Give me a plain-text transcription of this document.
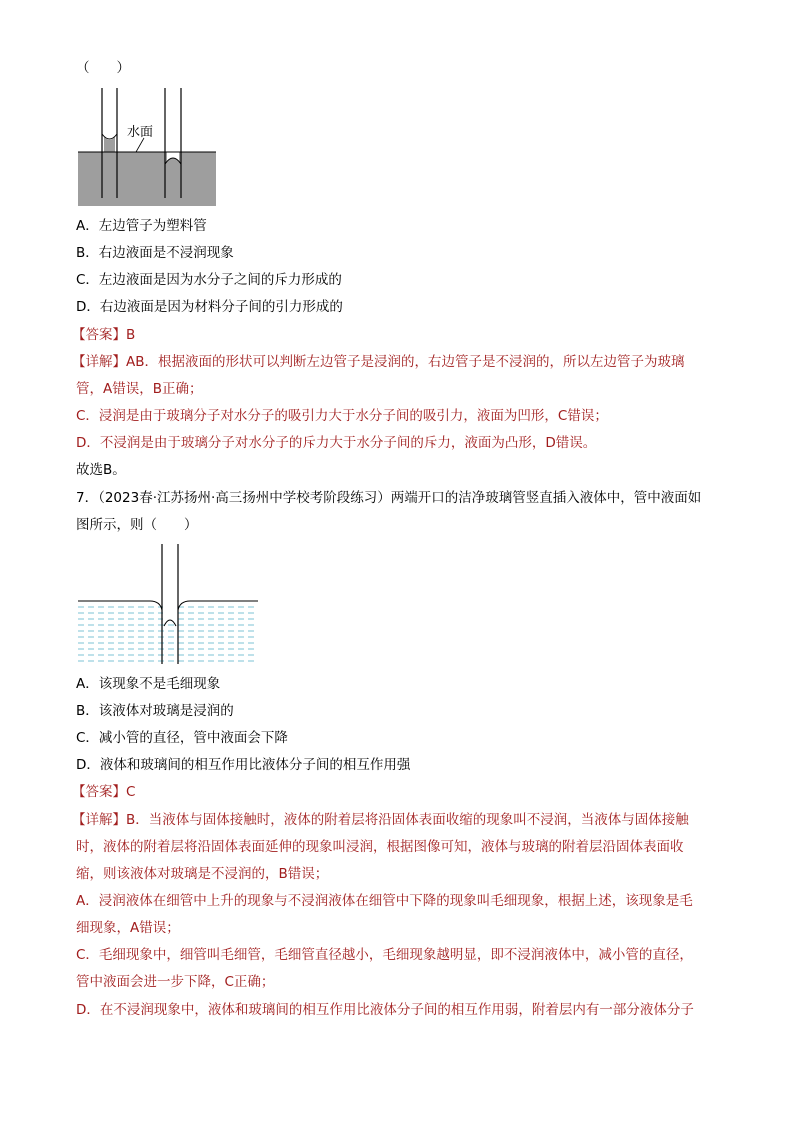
（　　）
水面
A．左边管子为塑料管
B．右边液面是不浸润现象
C．左边液面是因为水分子之间的斥力形成的
D．右边液面是因为材料分子间的引力形成的
【答案】B
【详解】AB．根据液面的形状可以判断左边管子是浸润的，右边管子是不浸润的，所以左边管子为玻璃
管，A错误，B正确；
C．浸润是由于玻璃分子对水分子的吸引力大于水分子间的吸引力，液面为凹形，C错误；
D．不浸润是由于玻璃分子对水分子的斥力大于水分子间的斥力，液面为凸形，D错误。
故选B。
7．（2023春·江苏扬州·高三扬州中学校考阶段练习）两端开口的洁净玻璃管竖直插入液体中，管中液面如
图所示，则（　　）
A．该现象不是毛细现象
B．该液体对玻璃是浸润的
C．减小管的直径，管中液面会下降
D．液体和玻璃间的相互作用比液体分子间的相互作用强
【答案】C
【详解】B．当液体与固体接触时，液体的附着层将沿固体表面收缩的现象叫不浸润，当液体与固体接触
时，液体的附着层将沿固体表面延伸的现象叫浸润，根据图像可知，液体与玻璃的附着层沿固体表面收
缩，则该液体对玻璃是不浸润的，B错误；
A．浸润液体在细管中上升的现象与不浸润液体在细管中下降的现象叫毛细现象，根据上述，该现象是毛
细现象，A错误；
C．毛细现象中，细管叫毛细管，毛细管直径越小，毛细现象越明显，即不浸润液体中，减小管的直径，
管中液面会进一步下降，C正确；
D．在不浸润现象中，液体和玻璃间的相互作用比液体分子间的相互作用弱，附着层内有一部分液体分子
